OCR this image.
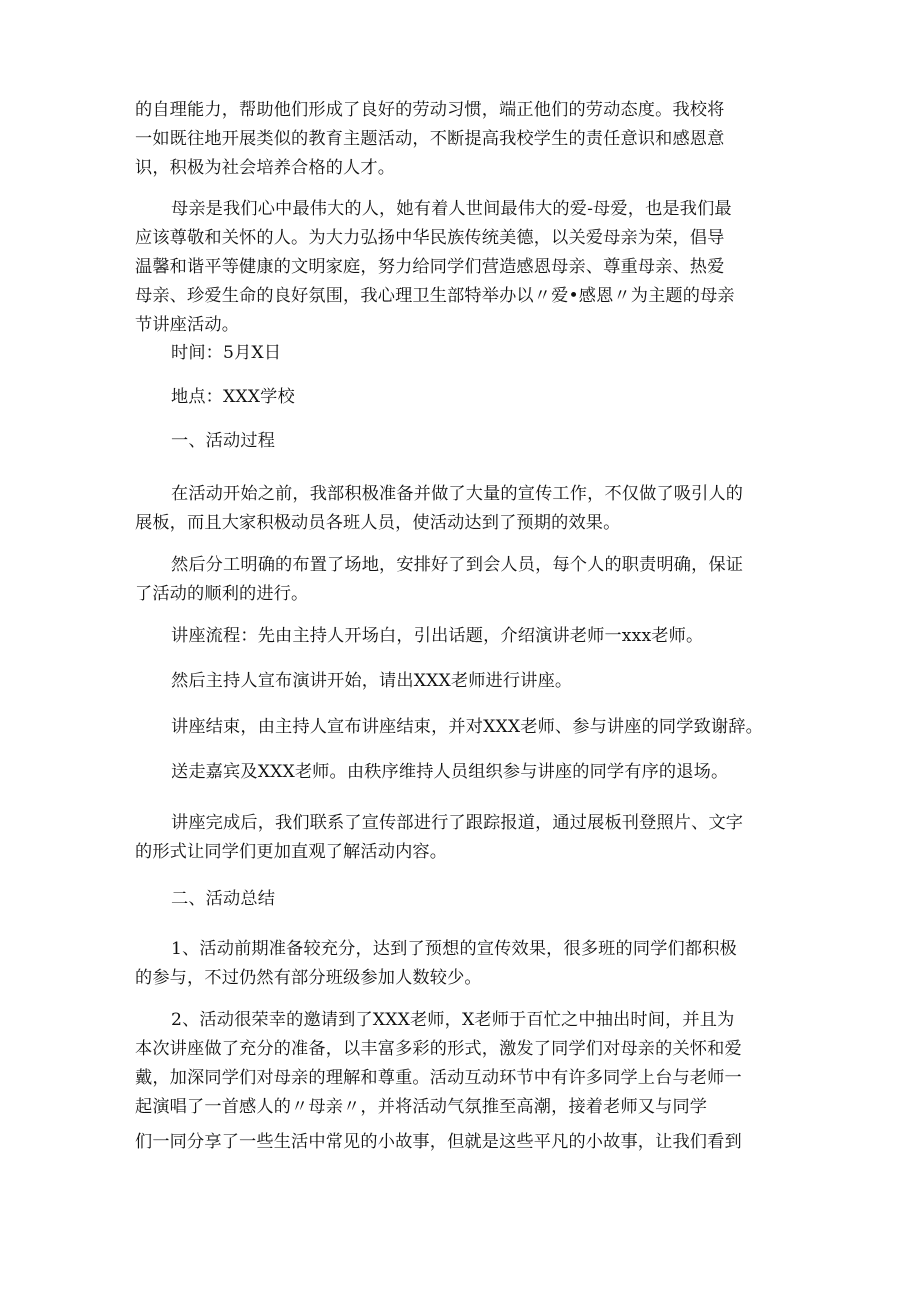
的自理能力，帮助他们形成了良好的劳动习惯，端正他们的劳动态度。我校将
一如既往地开展类似的教育主题活动，不断提高我校学生的责任意识和感恩意
识，积极为社会培养合格的人才。

母亲是我们心中最伟大的人，她有着人世间最伟大的爱-母爱，也是我们最
应该尊敬和关怀的人。为大力弘扬中华民族传统美德，以关爱母亲为荣，倡导
温馨和谐平等健康的文明家庭，努力给同学们营造感恩母亲、尊重母亲、热爱
母亲、珍爱生命的良好氛围，我心理卫生部特举办以〃爱•感恩〃为主题的母亲
节讲座活动。

时间：5月X日

地点：XXX学校

一、活动过程

在活动开始之前，我部积极准备并做了大量的宣传工作，不仅做了吸引人的
展板，而且大家积极动员各班人员，使活动达到了预期的效果。

然后分工明确的布置了场地，安排好了到会人员，每个人的职责明确，保证
了活动的顺利的进行。

讲座流程：先由主持人开场白，引出话题，介绍演讲老师一xxx老师。

然后主持人宣布演讲开始，请出XXX老师进行讲座。

讲座结束，由主持人宣布讲座结束，并对XXX老师、参与讲座的同学致谢辞。

送走嘉宾及XXX老师。由秩序维持人员组织参与讲座的同学有序的退场。

讲座完成后，我们联系了宣传部进行了跟踪报道，通过展板刊登照片、文字
的形式让同学们更加直观了解活动内容。

二、活动总结

1、活动前期准备较充分，达到了预想的宣传效果，很多班的同学们都积极
的参与，不过仍然有部分班级参加人数较少。

2、活动很荣幸的邀请到了XXX老师，X老师于百忙之中抽出时间，并且为
本次讲座做了充分的准备，以丰富多彩的形式，激发了同学们对母亲的关怀和爱
戴，加深同学们对母亲的理解和尊重。活动互动环节中有许多同学上台与老师一
起演唱了一首感人的〃母亲〃，并将活动气氛推至高潮，接着老师又与同学

们一同分享了一些生活中常见的小故事，但就是这些平凡的小故事，让我们看到
